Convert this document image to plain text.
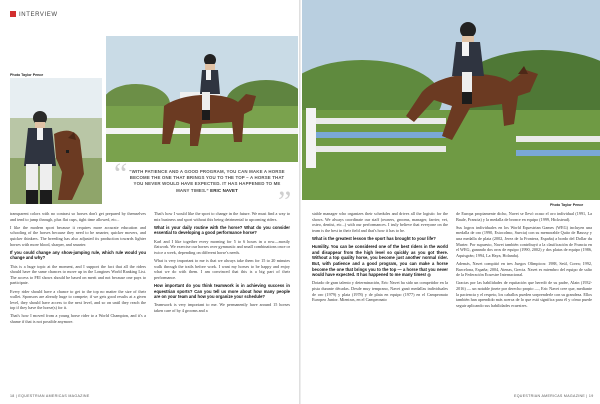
INTERVIEW
Photo Taylor Pence
“ “WITH PATIENCE AND A GOOD PROGRAM, YOU CAN MAKE A HORSE BECOME THE ONE THAT BRINGS YOU TO THE TOP – A HORSE THAT YOU NEVER WOULD HAVE EXPECTED. IT HAS HAPPENED TO ME MANY TIMES.” ERIC NAVET	”

transparent colors with no contrast so horses don't get prepared by themselves and tend to jump through, plus flat cups, tight time allowed, etc...

I like the modern sport because it requires more accurate education and schooling of the horses because they need to be smarter, quicker movers, and quicker thinkers. The breeding has also adjusted its production towards lighter horses with more blood, sharper, and smarter.

If you could change any show-jumping rule, which rule would you change and why?

This is a huge topic at the moment, and I support the fact that all the riders should have the same chances to move up in the Longines World Ranking List. The access to FEI shows should be based on merit and not because one pays to participate.

Every rider should have a chance to get to the top no matter the size of their wallet. Sponsors are already huge to compete; if we gets good results at a given level, they should have access to the next level, and so on until they reach the top if they have the horse(s) for it.

That's how I moved from a young horse rider to a World Champion, and it's a shame if that is not possible anymore.

That's how I would like the sport to change in the future. We must find a way to mix business and sport without this being detrimental to upcoming riders.

What is your daily routine with the horse? What do you consider essential to developing a good performance horse?

Karl and I like together every morning for 5 to 6 hours in a row—mostly flatwork. We exercise our horses over gymnastic and small combinations once or twice a week, depending on different horse's needs.

What is very important to me is that we always take them for 15 to 20 minutes walk through the trails before work. I want my horses to be happy and enjoy what we do with them. I am convinced that this is a big part of their performance.

How important do you think teamwork is in achieving success in equestrian sports? Can you tell us more about how many people are on your team and how you organize your schedule?

Teamwork is very important to me. We permanently have around 15 horses taken care of by 4 grooms and a

18 | EQUESTRIAN AMERICAS MAGAZINE
Photo Taylor Pence

stable manager who organizes their schedules and drives all the logistic for the shows. We always coordinate our staff (owners, grooms, manager, farrier, vet, osteo, dentist, etc...) with our performances. I truly believe that everyone on the team is the best in their field and that's how it has to be.

What is the greatest lesson the sport has brought to your life?

Humility. You can be considered one of the best riders in the world and disappear from the high level so quickly as you got there. Without a top quality horse, you become just another normal rider. But, with patience and a good program, you can make a horse become the one that brings you to the top — a horse that you never would have expected. It has happened to me many times! ◎

Dotado de gran talento y determinación, Eric Navet ha sido un competidor en la pista durante décadas. Desde muy temprano, Navet ganó medallas individuales de oro (1979) y plata (1978) y de plata en equipo (1977) en el Campeonato Europeo Junior. Mientras, en el Campeonato

de Europa propiamente dicho, Navet se llevó ocaso el oro individual (1991, La Baule, Francia) y la medalla de bronce en equipo (1999, Hickstead).

Sus logros individuales en los World Equestrian Games (WEG) incluyen una medalla de oro (1990, Estocolmo, Suecia) con su memorable Quito de Baussy y una medalla de plata (2002, Jerez de la Frontera, España) a bordo del Dollar du Murier. Por supuesto, Navet también contribuyó a la clasificación de Francia en el WEG, ganando dos oros de equipo (1990, 2002) y dos platas de equipo (1986, Aquisgrán; 1994, La Haya, Holanda).

Además, Navet compitió en tres Juegos Olímpicos: 1988, Seúl, Corea; 1992, Barcelona, España; 2004, Atenas, Grecia. Navet es miembro del equipo de salto de la Federación Ecuestre Internacional.

Gracias por las habilidades de equitación que heredó de su padre, Alain (1932-2016) — un notable jinete por derecho propio —, Eric Navet cree que, mediante la paciencia y el respeto, los caballos pueden sorprenderle con su grandeza. Ellos también han aprendido más acerca de lo que está significa para él y cómo puede seguir aplicando sus habilidades ecuestres.

EQUESTRIAN AMERICAS MAGAZINE | 19
